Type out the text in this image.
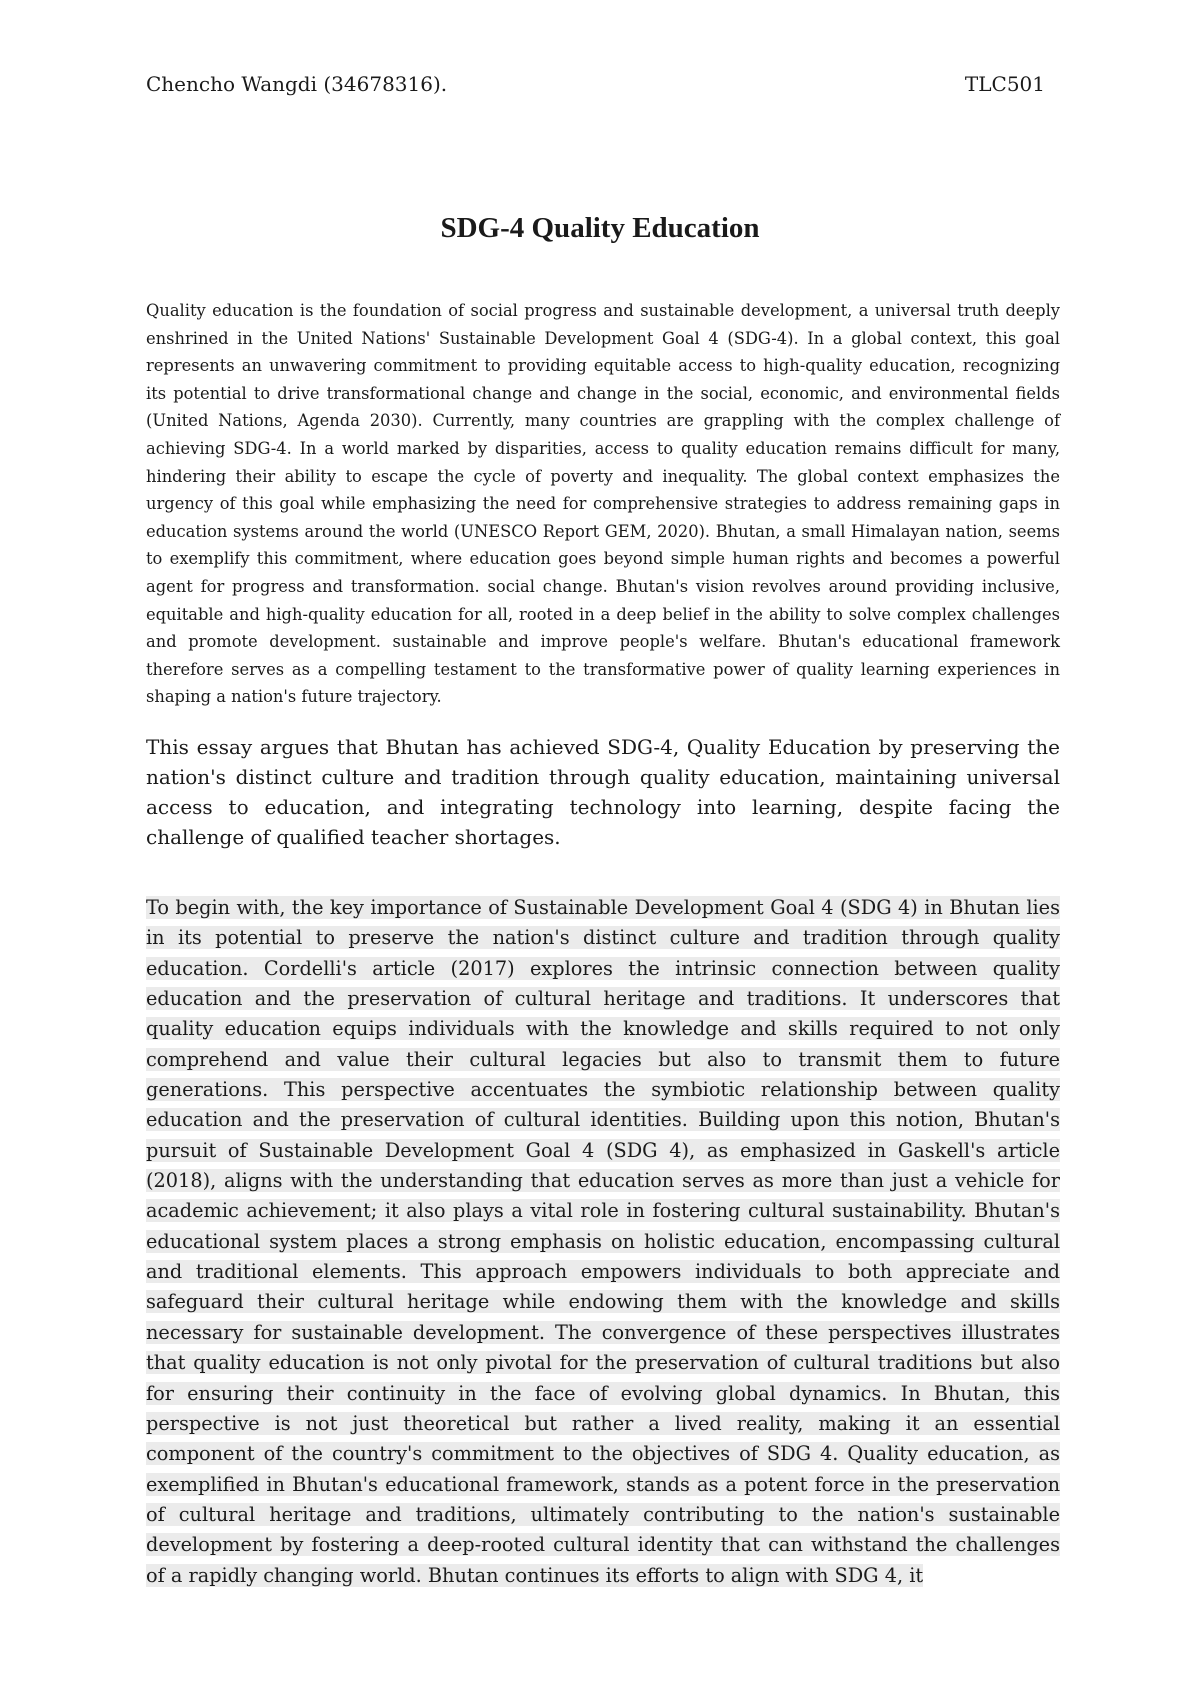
Chencho Wangdi (34678316).	TLC501
SDG-4 Quality Education

Quality education is the foundation of social progress and sustainable development, a universal truth deeply enshrined in the United Nations' Sustainable Development Goal 4 (SDG-4). In a global context, this goal represents an unwavering commitment to providing equitable access to high-quality education, recognizing its potential to drive transformational change and change in the social, economic, and environmental fields (United Nations, Agenda 2030). Currently, many countries are grappling with the complex challenge of achieving SDG-4. In a world marked by disparities, access to quality education remains difficult for many, hindering their ability to escape the cycle of poverty and inequality. The global context emphasizes the urgency of this goal while emphasizing the need for comprehensive strategies to address remaining gaps in education systems around the world (UNESCO Report GEM, 2020). Bhutan, a small Himalayan nation, seems to exemplify this commitment, where education goes beyond simple human rights and becomes a powerful agent for progress and transformation. social change. Bhutan's vision revolves around providing inclusive, equitable and high-quality education for all, rooted in a deep belief in the ability to solve complex challenges and promote development. sustainable and improve people's welfare. Bhutan's educational framework therefore serves as a compelling testament to the transformative power of quality learning experiences in shaping a nation's future trajectory.

This essay argues that Bhutan has achieved SDG-4, Quality Education by preserving the nation's distinct culture and tradition through quality education, maintaining universal access to education, and integrating technology into learning, despite facing the challenge of qualified teacher shortages.

To begin with, the key importance of Sustainable Development Goal 4 (SDG 4) in Bhutan lies in its potential to preserve the nation's distinct culture and tradition through quality education. Cordelli's article (2017) explores the intrinsic connection between quality education and the preservation of cultural heritage and traditions. It underscores that quality education equips individuals with the knowledge and skills required to not only comprehend and value their cultural legacies but also to transmit them to future generations. This perspective accentuates the symbiotic relationship between quality education and the preservation of cultural identities. Building upon this notion, Bhutan's pursuit of Sustainable Development Goal 4 (SDG 4), as emphasized in Gaskell's article (2018), aligns with the understanding that education serves as more than just a vehicle for academic achievement; it also plays a vital role in fostering cultural sustainability. Bhutan's educational system places a strong emphasis on holistic education, encompassing cultural and traditional elements. This approach empowers individuals to both appreciate and safeguard their cultural heritage while endowing them with the knowledge and skills necessary for sustainable development. The convergence of these perspectives illustrates that quality education is not only pivotal for the preservation of cultural traditions but also for ensuring their continuity in the face of evolving global dynamics. In Bhutan, this perspective is not just theoretical but rather a lived reality, making it an essential component of the country's commitment to the objectives of SDG 4. Quality education, as exemplified in Bhutan's educational framework, stands as a potent force in the preservation of cultural heritage and traditions, ultimately contributing to the nation's sustainable development by fostering a deep-rooted cultural identity that can withstand the challenges of a rapidly changing world. Bhutan continues its efforts to align with SDG 4, it
